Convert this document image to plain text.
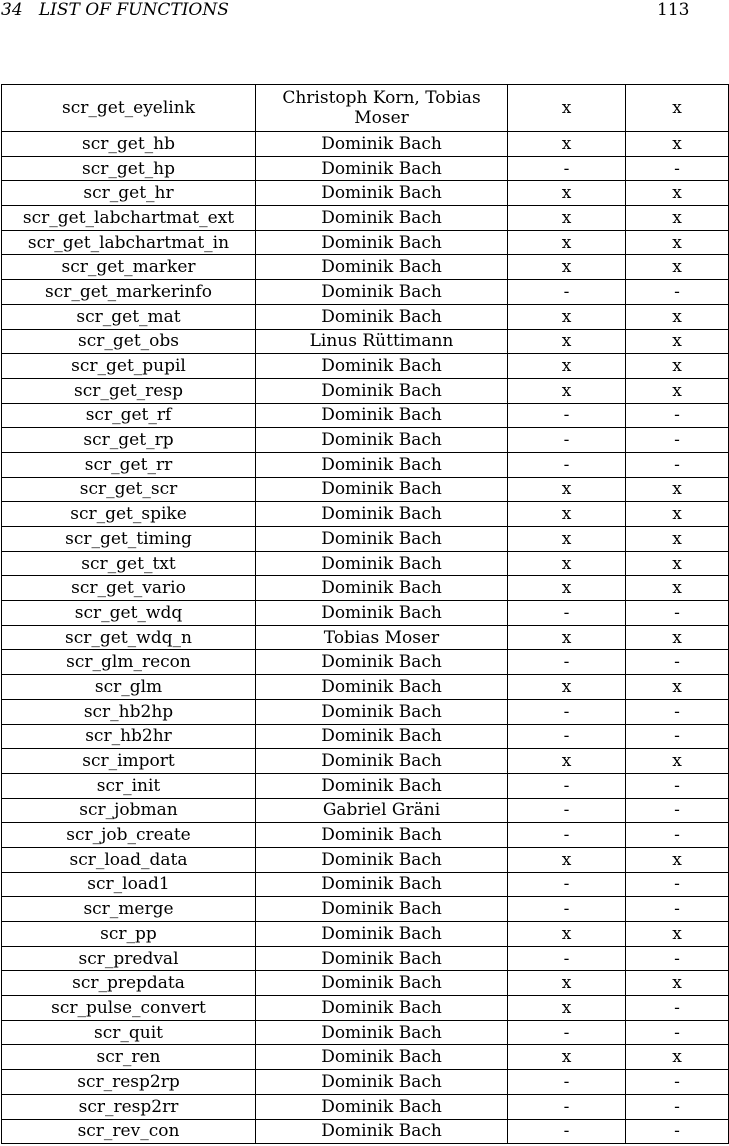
34   LIST OF FUNCTIONS	113
scr_get_eyelink	Christoph Korn, Tobias Moser	x	x
scr_get_hb	Dominik Bach	x	x
scr_get_hp	Dominik Bach	-	-
scr_get_hr	Dominik Bach	x	x
scr_get_labchartmat_ext	Dominik Bach	x	x
scr_get_labchartmat_in	Dominik Bach	x	x
scr_get_marker	Dominik Bach	x	x
scr_get_markerinfo	Dominik Bach	-	-
scr_get_mat	Dominik Bach	x	x
scr_get_obs	Linus Rüttimann	x	x
scr_get_pupil	Dominik Bach	x	x
scr_get_resp	Dominik Bach	x	x
scr_get_rf	Dominik Bach	-	-
scr_get_rp	Dominik Bach	-	-
scr_get_rr	Dominik Bach	-	-
scr_get_scr	Dominik Bach	x	x
scr_get_spike	Dominik Bach	x	x
scr_get_timing	Dominik Bach	x	x
scr_get_txt	Dominik Bach	x	x
scr_get_vario	Dominik Bach	x	x
scr_get_wdq	Dominik Bach	-	-
scr_get_wdq_n	Tobias Moser	x	x
scr_glm_recon	Dominik Bach	-	-
scr_glm	Dominik Bach	x	x
scr_hb2hp	Dominik Bach	-	-
scr_hb2hr	Dominik Bach	-	-
scr_import	Dominik Bach	x	x
scr_init	Dominik Bach	-	-
scr_jobman	Gabriel Gräni	-	-
scr_job_create	Dominik Bach	-	-
scr_load_data	Dominik Bach	x	x
scr_load1	Dominik Bach	-	-
scr_merge	Dominik Bach	-	-
scr_pp	Dominik Bach	x	x
scr_predval	Dominik Bach	-	-
scr_prepdata	Dominik Bach	x	x
scr_pulse_convert	Dominik Bach	x	-
scr_quit	Dominik Bach	-	-
scr_ren	Dominik Bach	x	x
scr_resp2rp	Dominik Bach	-	-
scr_resp2rr	Dominik Bach	-	-
scr_rev_con	Dominik Bach	-	-
